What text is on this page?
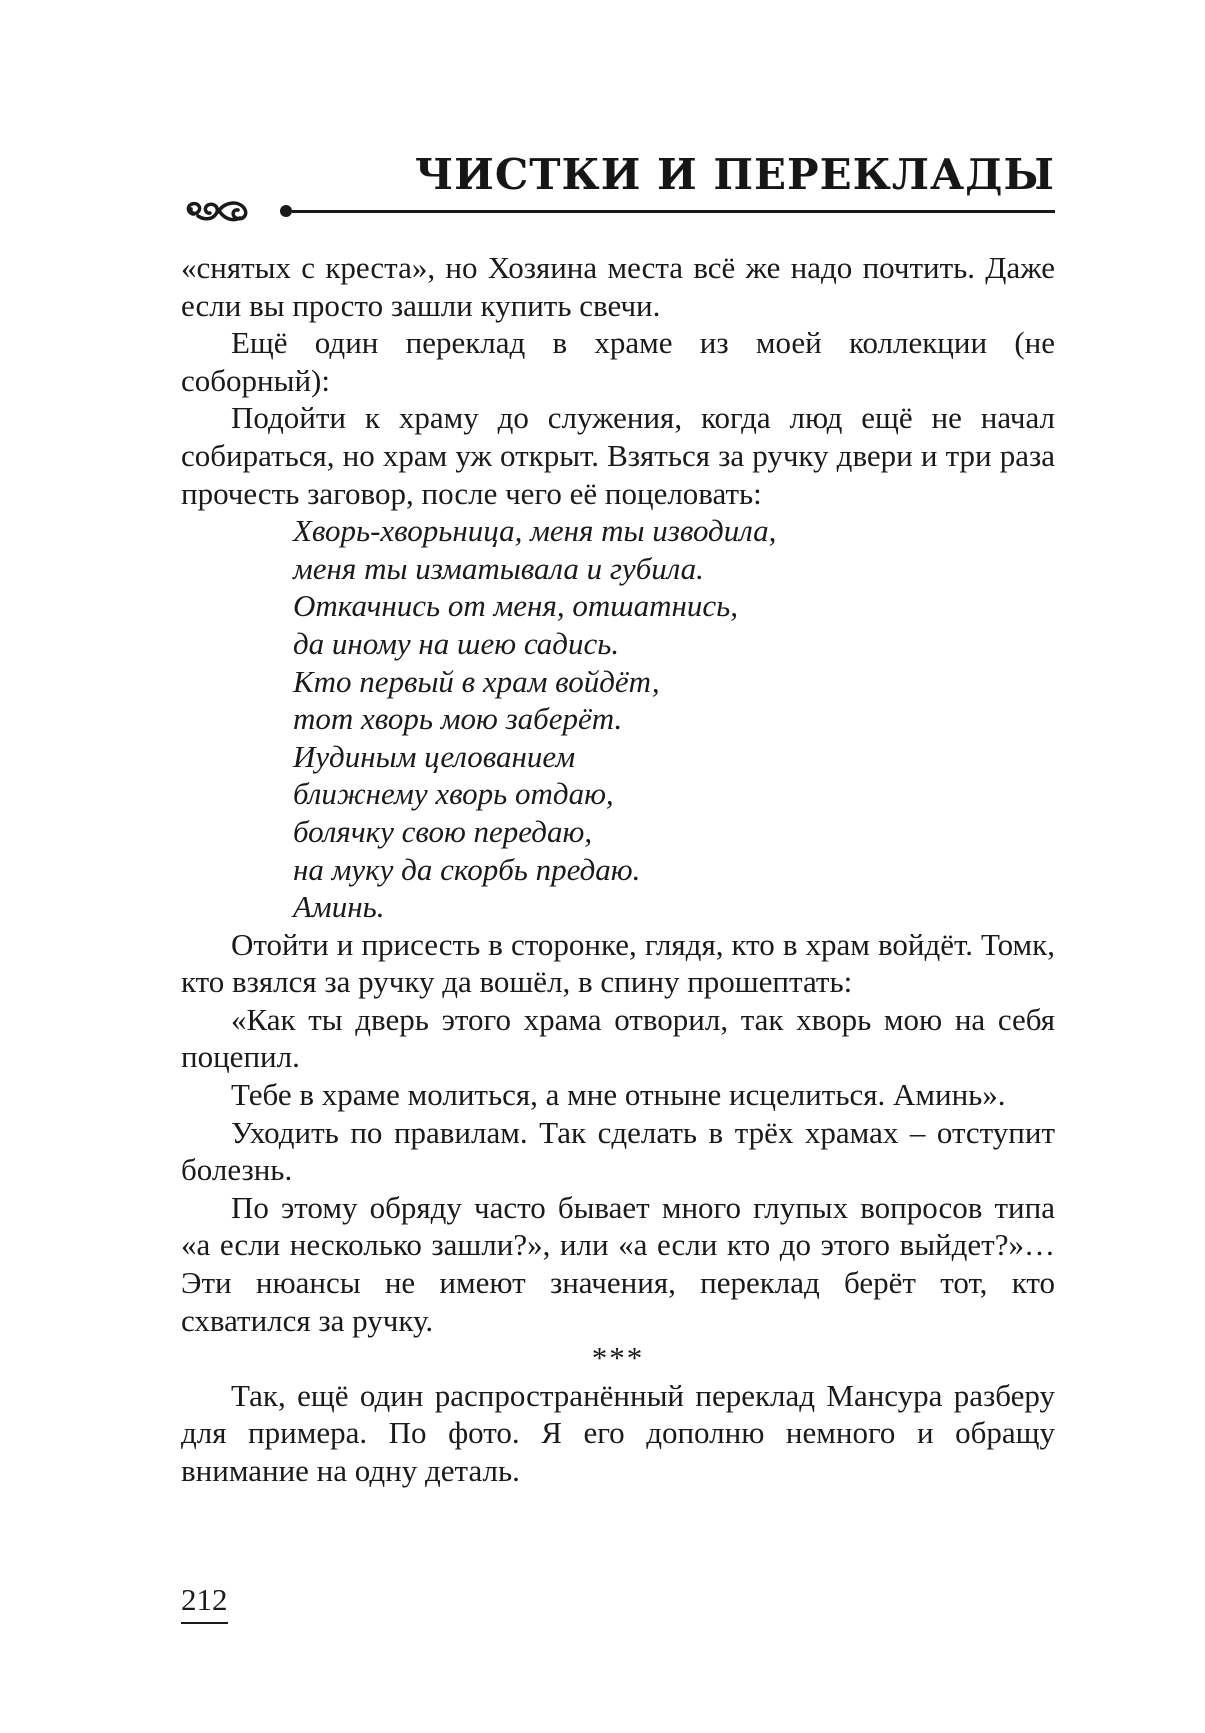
ЧИСТКИ И ПЕРЕКЛАДЫ

«снятых с креста», но Хозяина места всё же надо почтить. Даже если вы просто зашли купить свечи.

Ещё один переклад в храме из моей коллекции (не соборный):

Подойти к храму до служения, когда люд ещё не начал собираться, но храм уж открыт. Взяться за ручку двери и три раза прочесть заговор, после чего её поцеловать:

Хворь-хворьница, меня ты изводила,

меня ты изматывала и губила.

Откачнись от меня, отшатнись,

да иному на шею садись.

Кто первый в храм войдёт,

тот хворь мою заберёт.

Иудиным целованием

ближнему хворь отдаю,

болячку свою передаю,

на муку да скорбь предаю.

Аминь.

Отойти и присесть в сторонке, глядя, кто в храм войдёт. Томк, кто взялся за ручку да вошёл, в спину прошептать:

«Как ты дверь этого храма отворил, так хворь мою на себя поцепил.

Тебе в храме молиться, а мне отныне исцелиться. Аминь».

Уходить по правилам. Так сделать в трёх храмах – отступит болезнь.

По этому обряду часто бывает много глупых вопросов типа «а если несколько зашли?», или «а если кто до этого выйдет?»… Эти нюансы не имеют значения, переклад берёт тот, кто схватился за ручку.

***

Так, ещё один распространённый переклад Мансура разберу для примера. По фото. Я его дополню немного и обращу внимание на одну деталь.

212
